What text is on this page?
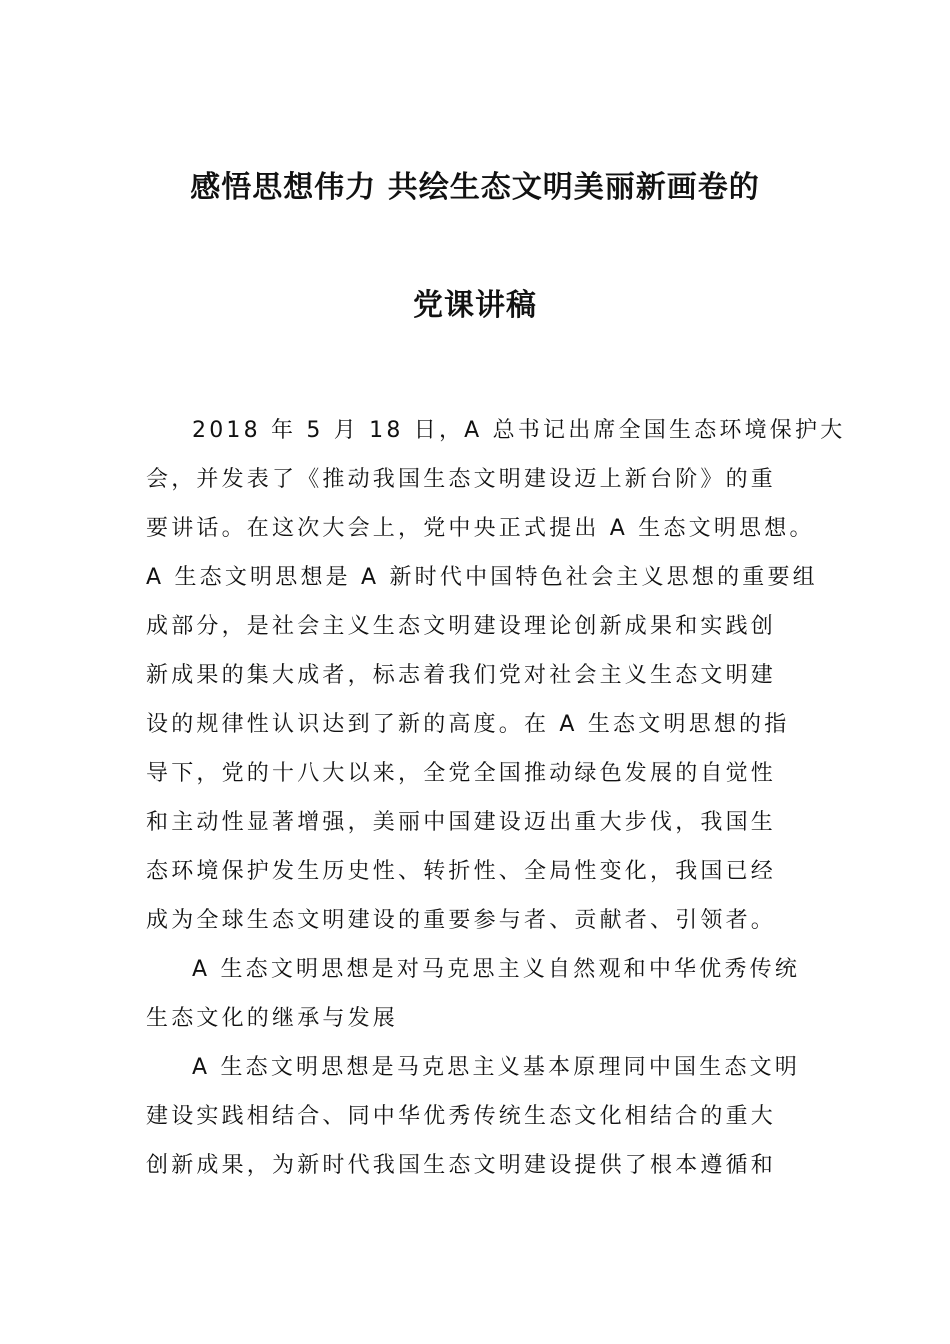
感悟思想伟力 共绘生态文明美丽新画卷的
党课讲稿
2018 年 5 月 18 日，A 总书记出席全国生态环境保护大
会，并发表了《推动我国生态文明建设迈上新台阶》的重
要讲话。在这次大会上，党中央正式提出 A 生态文明思想。
A 生态文明思想是 A 新时代中国特色社会主义思想的重要组
成部分，是社会主义生态文明建设理论创新成果和实践创
新成果的集大成者，标志着我们党对社会主义生态文明建
设的规律性认识达到了新的高度。在 A 生态文明思想的指
导下，党的十八大以来，全党全国推动绿色发展的自觉性
和主动性显著增强，美丽中国建设迈出重大步伐，我国生
态环境保护发生历史性、转折性、全局性变化，我国已经
成为全球生态文明建设的重要参与者、贡献者、引领者。
A 生态文明思想是对马克思主义自然观和中华优秀传统
生态文化的继承与发展
A 生态文明思想是马克思主义基本原理同中国生态文明
建设实践相结合、同中华优秀传统生态文化相结合的重大
创新成果，为新时代我国生态文明建设提供了根本遵循和
